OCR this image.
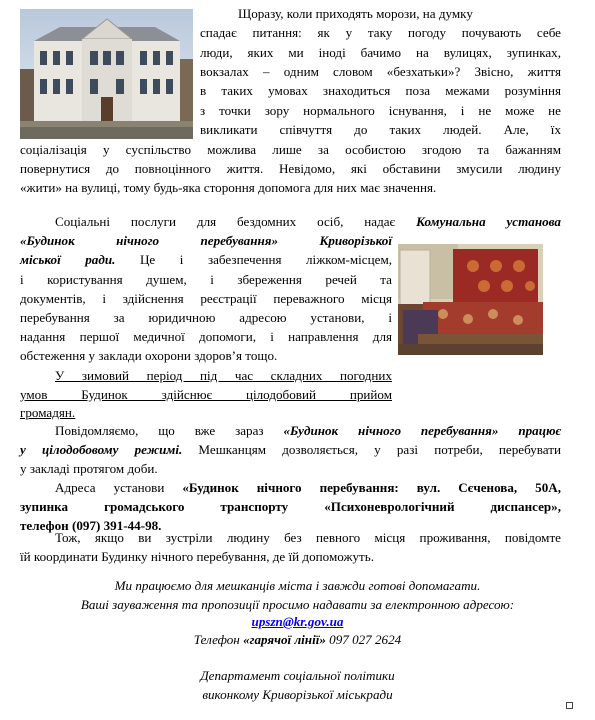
Щоразу, коли приходять морози, на думку
спадає питання: як у таку погоду почувають себе
люди, яких ми іноді бачимо на вулицях, зупинках,
вокзалах – одним словом «безхатьки»? Звісно, життя
в таких умовах знаходиться поза межами розуміння
з точки зору нормального існування, і не може не
викликати співчуття до таких людей. Але, їх
соціалізація у суспільство можлива лише за особистою згодою та бажанням
повернутися до повноцінного життя. Невідомо, які обставини змусили людину
«жити» на вулиці, тому будь-яка стороння допомога для них має значення.
Соціальні послуги для бездомних осіб, надає Комунальна установа
«Будинок нічного перебування» Криворізької
міської ради. Це і забезпечення ліжком-місцем,
і користування душем, і збереження речей та
документів, і здійснення реєстрації переважного місця
перебування за юридичною адресою установи, і
надання першої медичної допомоги, і направлення для
обстеження у заклади охорони здоров’я тощо.
У зимовий період під час складних погодних
умов Будинок здійснює цілодобовий прийом
громадян.
Повідомляємо, що вже зараз «Будинок нічного перебування» працює
у цілодобовому режимі. Мешканцям дозволяється, у разі потреби, перебувати
у закладі протягом доби.
Адреса установи «Будинок нічного перебування: вул. Сєченова, 50А,
зупинка громадського транспорту «Психоневрологічний диспансер»,
телефон (097) 391-44-98.
Тож, якщо ви зустріли людину без певного місця проживання, повідомте
їй координати Будинку нічного перебування, де їй допоможуть.
Ми працюємо для мешканців міста і завжди готові допомагати.
Ваші зауваження та пропозиції просимо надавати за електронною адресою:
upszn@kr.gov.ua
Телефон «гарячої лінії» 097 027 2624
Департамент соціальної політики
виконкому Криворізької міськради
